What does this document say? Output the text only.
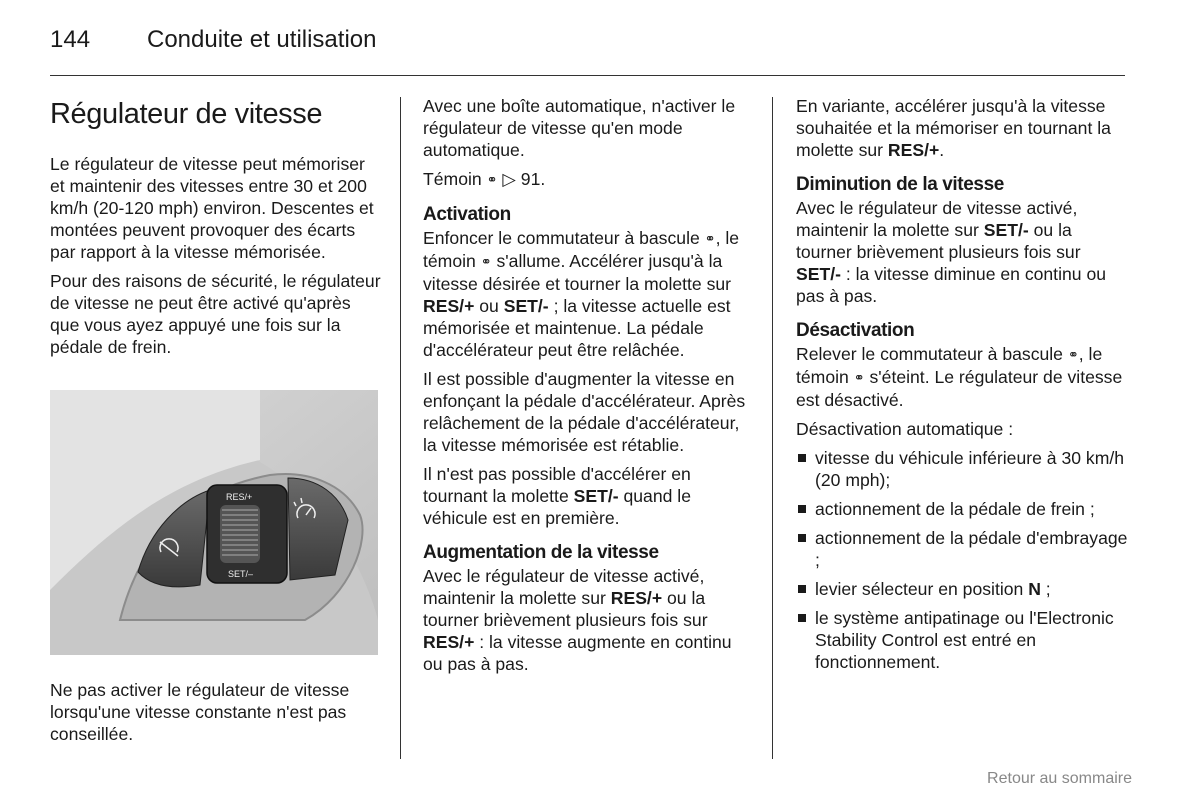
144 Conduite et utilisation
Régulateur de vitesse

Le régulateur de vitesse peut mémoriser et maintenir des vitesses entre 30 et 200 km/h (20-120 mph) environ. Descentes et montées peuvent provoquer des écarts par rapport à la vitesse mémorisée.

Pour des raisons de sécurité, le régulateur de vitesse ne peut être activé qu'après que vous ayez appuyé une fois sur la pédale de frein.

RES/+
SET/–

Ne pas activer le régulateur de vitesse lorsqu'une vitesse constante n'est pas conseillée.

Avec une boîte automatique, n'activer le régulateur de vitesse qu'en mode automatique.

Témoin ⚭ ▷ 91.

Activation

Enfoncer le commutateur à bascule ⚭, le témoin ⚭ s'allume. Accélérer jusqu'à la vitesse désirée et tourner la molette sur RES/+ ou SET/- ; la vitesse actuelle est mémorisée et maintenue. La pédale d'accélérateur peut être relâchée.

Il est possible d'augmenter la vitesse en enfonçant la pédale d'accélérateur. Après relâchement de la pédale d'accélérateur, la vitesse mémorisée est rétablie.

Il n'est pas possible d'accélérer en tournant la molette SET/- quand le véhicule est en première.

Augmentation de la vitesse

Avec le régulateur de vitesse activé, maintenir la molette sur RES/+ ou la tourner brièvement plusieurs fois sur RES/+ : la vitesse augmente en continu ou pas à pas.

En variante, accélérer jusqu'à la vitesse souhaitée et la mémoriser en tournant la molette sur RES/+.

Diminution de la vitesse

Avec le régulateur de vitesse activé, maintenir la molette sur SET/- ou la tourner brièvement plusieurs fois sur SET/- : la vitesse diminue en continu ou pas à pas.

Désactivation

Relever le commutateur à bascule ⚭, le témoin ⚭ s'éteint. Le régulateur de vitesse est désactivé.

Désactivation automatique :

vitesse du véhicule inférieure à 30 km/h (20 mph);
actionnement de la pédale de frein ;
actionnement de la pédale d'embrayage ;
levier sélecteur en position N ;
le système antipatinage ou l'Electronic Stability Control est entré en fonctionnement.
Retour au sommaire
